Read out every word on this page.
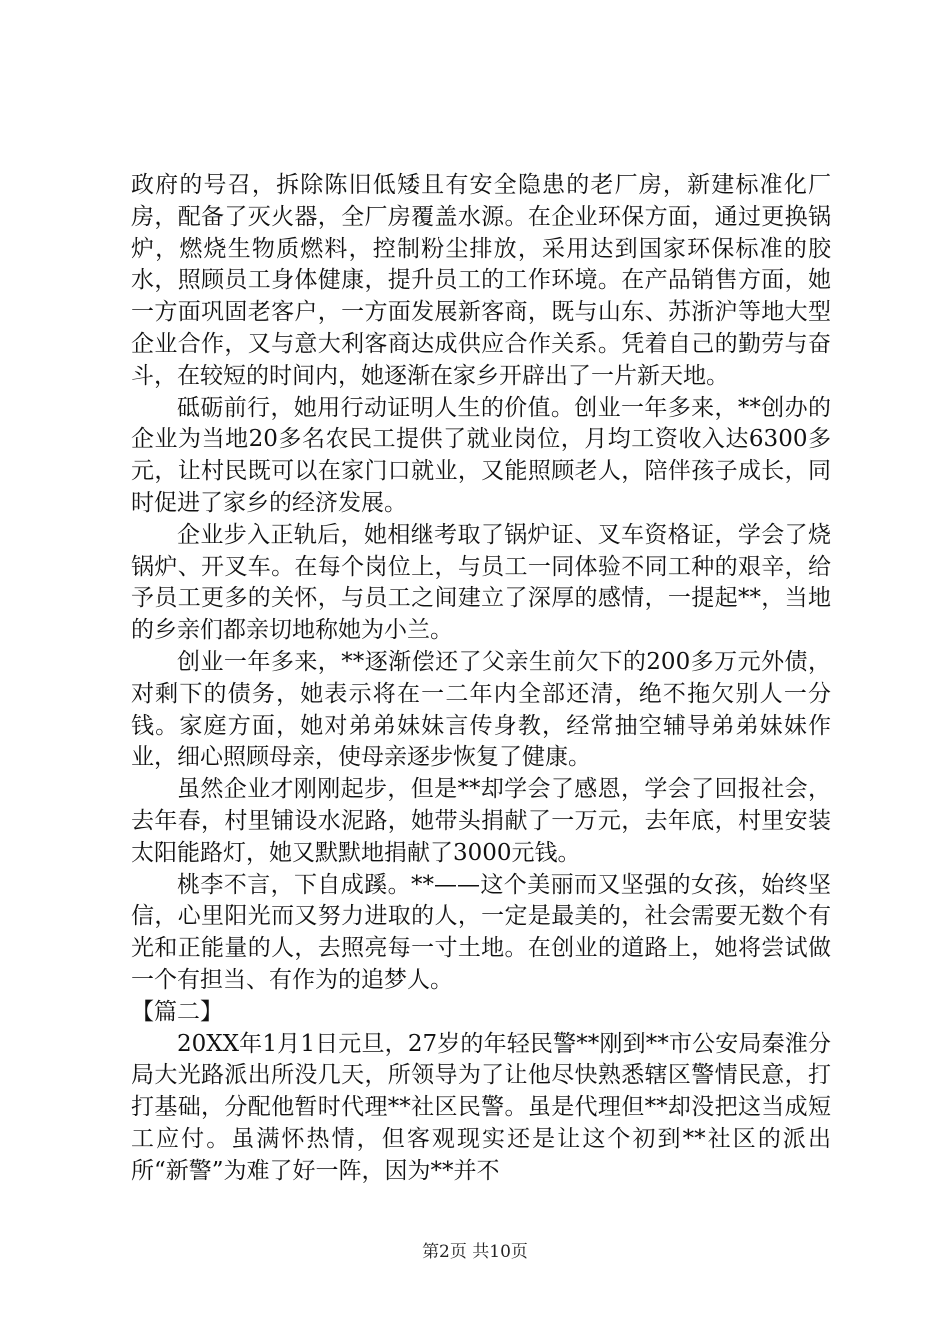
政府的号召，拆除陈旧低矮且有安全隐患的老厂房，新建标准化厂房，配备了灭火器，全厂房覆盖水源。在企业环保方面，通过更换锅炉，燃烧生物质燃料，控制粉尘排放，采用达到国家环保标准的胶水，照顾员工身体健康，提升员工的工作环境。在产品销售方面，她一方面巩固老客户，一方面发展新客商，既与山东、苏浙沪等地大型企业合作，又与意大利客商达成供应合作关系。凭着自己的勤劳与奋斗，在较短的时间内，她逐渐在家乡开辟出了一片新天地。

砥砺前行，她用行动证明人生的价值。创业一年多来，**创办的企业为当地20多名农民工提供了就业岗位，月均工资收入达6300多元，让村民既可以在家门口就业，又能照顾老人，陪伴孩子成长，同时促进了家乡的经济发展。

企业步入正轨后，她相继考取了锅炉证、叉车资格证，学会了烧锅炉、开叉车。在每个岗位上，与员工一同体验不同工种的艰辛，给予员工更多的关怀，与员工之间建立了深厚的感情，一提起**，当地的乡亲们都亲切地称她为小兰。

创业一年多来，**逐渐偿还了父亲生前欠下的200多万元外债，对剩下的债务，她表示将在一二年内全部还清，绝不拖欠别人一分钱。家庭方面，她对弟弟妹妹言传身教，经常抽空辅导弟弟妹妹作业，细心照顾母亲，使母亲逐步恢复了健康。

虽然企业才刚刚起步，但是**却学会了感恩，学会了回报社会，去年春，村里铺设水泥路，她带头捐献了一万元，去年底，村里安装太阳能路灯，她又默默地捐献了3000元钱。

桃李不言，下自成蹊。**——这个美丽而又坚强的女孩，始终坚信，心里阳光而又努力进取的人，一定是最美的，社会需要无数个有光和正能量的人，去照亮每一寸土地。在创业的道路上，她将尝试做一个有担当、有作为的追梦人。

【篇二】

20XX年1月1日元旦，27岁的年轻民警**刚到**市公安局秦淮分局大光路派出所没几天，所领导为了让他尽快熟悉辖区警情民意，打打基础，分配他暂时代理**社区民警。虽是代理但**却没把这当成短工应付。虽满怀热情，但客观现实还是让这个初到**社区的派出所“新警”为难了好一阵，因为**并不

第2页 共10页
